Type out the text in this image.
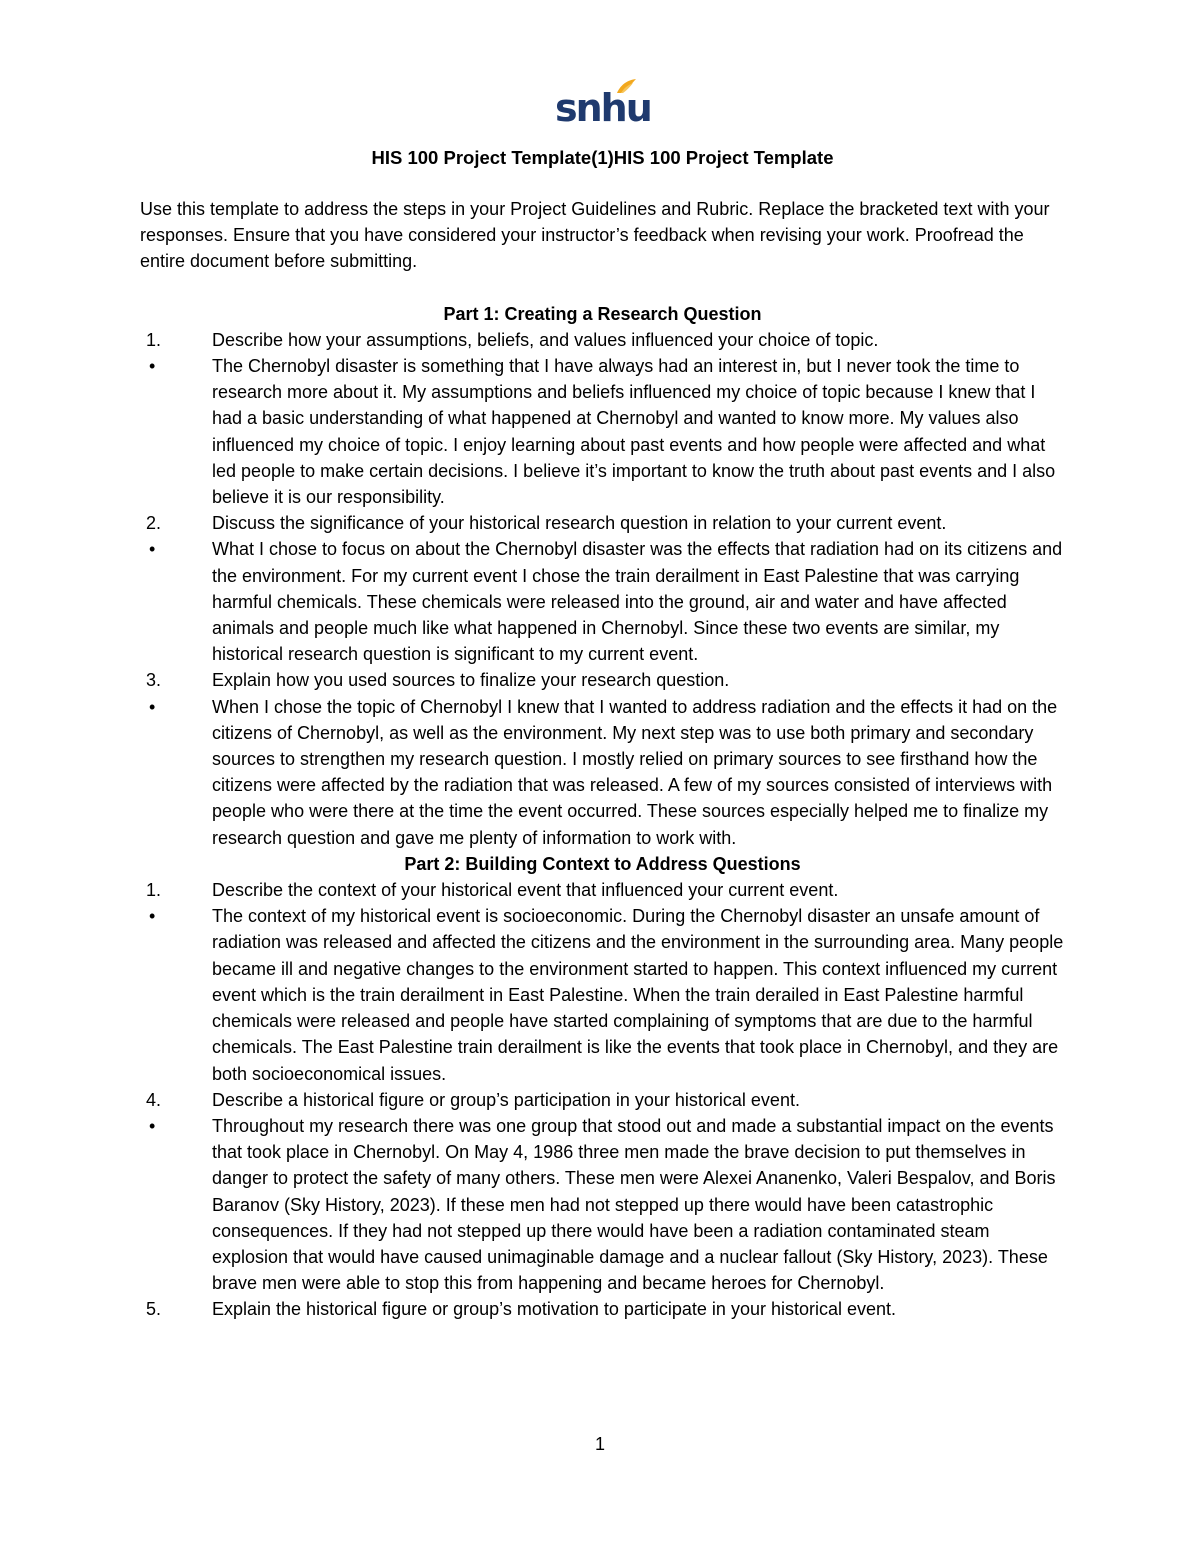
snhu

HIS 100 Project Template(1)HIS 100 Project Template

Use this template to address the steps in your Project Guidelines and Rubric. Replace the bracketed text with your responses. Ensure that you have considered your instructor’s feedback when revising your work. Proofread the entire document before submitting.

Part 1: Creating a Research Question

1.	Describe how your assumptions, beliefs, and values influenced your choice of topic.
•	The Chernobyl disaster is something that I have always had an interest in, but I never took the time to research more about it. My assumptions and beliefs influenced my choice of topic because I knew that I had a basic understanding of what happened at Chernobyl and wanted to know more. My values also influenced my choice of topic. I enjoy learning about past events and how people were affected and what led people to make certain decisions. I believe it’s important to know the truth about past events and I also believe it is our responsibility.
2.	Discuss the significance of your historical research question in relation to your current event.
•	What I chose to focus on about the Chernobyl disaster was the effects that radiation had on its citizens and the environment. For my current event I chose the train derailment in East Palestine that was carrying harmful chemicals. These chemicals were released into the ground, air and water and have affected animals and people much like what happened in Chernobyl. Since these two events are similar, my historical research question is significant to my current event.
3.	Explain how you used sources to finalize your research question.
•	When I chose the topic of Chernobyl I knew that I wanted to address radiation and the effects it had on the citizens of Chernobyl, as well as the environment. My next step was to use both primary and secondary sources to strengthen my research question. I mostly relied on primary sources to see firsthand how the citizens were affected by the radiation that was released. A few of my sources consisted of interviews with people who were there at the time the event occurred. These sources especially helped me to finalize my research question and gave me plenty of information to work with.

Part 2: Building Context to Address Questions

1.	Describe the context of your historical event that influenced your current event.
•	The context of my historical event is socioeconomic. During the Chernobyl disaster an unsafe amount of radiation was released and affected the citizens and the environment in the surrounding area. Many people became ill and negative changes to the environment started to happen. This context influenced my current event which is the train derailment in East Palestine. When the train derailed in East Palestine harmful chemicals were released and people have started complaining of symptoms that are due to the harmful chemicals. The East Palestine train derailment is like the events that took place in Chernobyl, and they are both socioeconomical issues.
4.	Describe a historical figure or group’s participation in your historical event.
•	Throughout my research there was one group that stood out and made a substantial impact on the events that took place in Chernobyl. On May 4, 1986 three men made the brave decision to put themselves in danger to protect the safety of many others. These men were Alexei Ananenko, Valeri Bespalov, and Boris Baranov (Sky History, 2023). If these men had not stepped up there would have been catastrophic consequences. If they had not stepped up there would have been a radiation contaminated steam explosion that would have caused unimaginable damage and a nuclear fallout (Sky History, 2023). These brave men were able to stop this from happening and became heroes for Chernobyl.
5.	Explain the historical figure or group’s motivation to participate in your historical event.
1
